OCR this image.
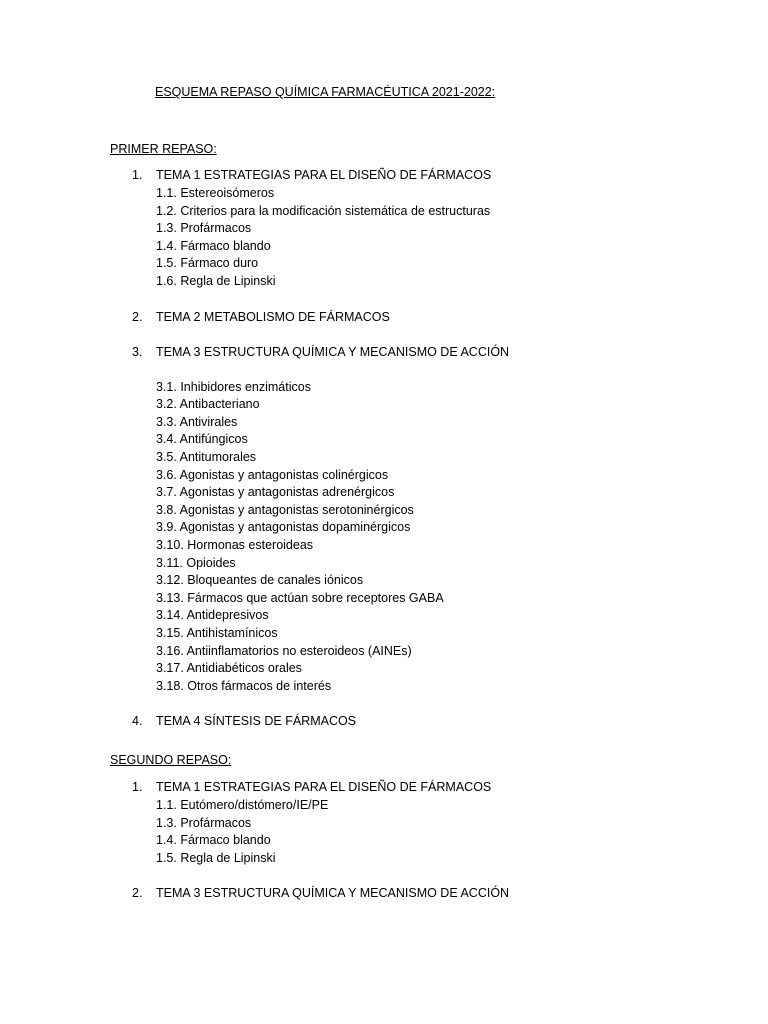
ESQUEMA REPASO QUÍMICA FARMACÉUTICA 2021-2022:
PRIMER REPASO:
1. TEMA 1 ESTRATEGIAS PARA EL DISEÑO DE FÁRMACOS
1.1. Estereoisómeros
1.2. Criterios para la modificación sistemática de estructuras
1.3. Profármacos
1.4. Fármaco blando
1.5. Fármaco duro
1.6. Regla de Lipinski
2. TEMA 2 METABOLISMO DE FÁRMACOS
3. TEMA 3 ESTRUCTURA QUÍMICA Y MECANISMO DE ACCIÓN
3.1. Inhibidores enzimáticos
3.2. Antibacteriano
3.3. Antivirales
3.4. Antifúngicos
3.5. Antitumorales
3.6. Agonistas y antagonistas colinérgicos
3.7. Agonistas y antagonistas adrenérgicos
3.8. Agonistas y antagonistas serotoninérgicos
3.9. Agonistas y antagonistas dopaminérgicos
3.10. Hormonas esteroideas
3.11. Opioides
3.12. Bloqueantes de canales iónicos
3.13. Fármacos que actúan sobre receptores GABA
3.14. Antidepresivos
3.15. Antihistamínicos
3.16. Antiinflamatorios no esteroideos (AINEs)
3.17. Antidiabéticos orales
3.18. Otros fármacos de interés
4. TEMA 4 SÍNTESIS DE FÁRMACOS
SEGUNDO REPASO:
1. TEMA 1 ESTRATEGIAS PARA EL DISEÑO DE FÁRMACOS
1.1. Eutómero/distómero/IE/PE
1.3. Profármacos
1.4. Fármaco blando
1.5. Regla de Lipinski
2. TEMA 3 ESTRUCTURA QUÍMICA Y MECANISMO DE ACCIÓN
